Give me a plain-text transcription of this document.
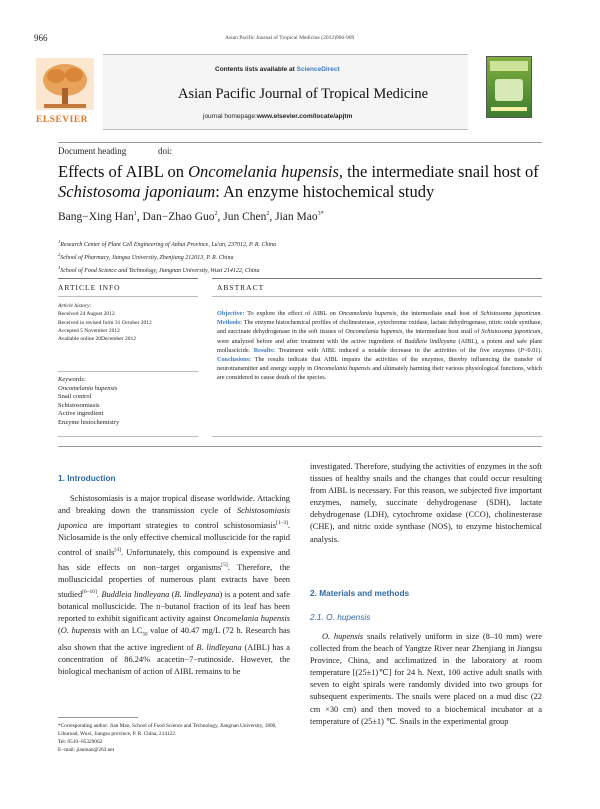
966	Asian Pacific Journal of Tropical Medicine (2012)966-969
Contents lists available at ScienceDirect
Asian Pacific Journal of Tropical Medicine
journal homepage:www.elsevier.com/locate/apjtm
ELSEVIER
Document heading	doi:
Effects of AIBL on Oncomelania hupensis, the intermediate snail host of Schistosoma japoniaum: An enzyme histochemical study
Bang−Xing Han$^1$, Dan−Zhao Guo$^2$, Jun Chen$^2$, Jian Mao$^{3*}$
$^1$Research Center of Plant Cell Engineering of Anhui Province, Lu'an, 237012, P. R. China
$^2$School of Pharmacy, Jiangsu University, Zhenjiang 212013, P. R. China
$^3$School of Food Science and Technology, Jiangnan University, Wuxi 214122, China
ARTICLE INFO	ABSTRACT
Article history:
Received 24 August 2012
Received in revised form 31 October 2012
Accepted 5 November 2012
Available online 20December 2012
Keywords:
Oncomelania hupensis
Snail control
Schistosomiasis
Active ingredient
Enzyme histochemistry
Objective: To explore the effect of AIBL on Oncomelania hupensis, the intermediate snail host of Schistosoma japonicum. Methods: The enzyme histochemical profiles of cholinesterase, cytochrome oxidase, lactate dehydrogenase, nitric oxide synthase, and succinate dehydrogenase in the soft tissues of Oncomelania hupensis, the intermediate host snail of Schistosoma japonicum, were analyzed before and after treatment with the active ingredient of Buddleia lindleyana (AIBL), a potent and safe plant molluscicide. Results: Treatment with AIBL induced a notable decrease in the activities of the five enzymes (P<0.01). Conclusions: The results indicate that AIBL impairs the activities of the enzymes, thereby influencing the transfer of neurotransmitter and energy supply in Oncomelania hupensis and ultimately harming their various physiological functions, which are considered to cause death of the species.
1. Introduction
Schistosomiasis is a major tropical disease worldwide. Attacking and breaking down the transmission cycle of Schistosomiasis japonica are important strategies to control schistosomiasis[1–3]. Niclosamide is the only effective chemical molluscicide for the rapid control of snails[4]. Unfortunately, this compound is expensive and has side effects on non−target organisms[5]. Therefore, the molluscicidal properties of numerous plant extracts have been studied[6–10]. Buddleia lindleyana (B. lindleyana) is a potent and safe botanical molluscicide. The n−butanol fraction of its leaf has been reported to exhibit significant activity against Oncomelania hupensis (O. hupensis with an $LC_{50}$ value of 40.47 mg/L (72 h. Research has also shown that the active ingredient of B. lindleyana (AIBL) has a concentration of 86.24% acacetin−7−rutinoside. However, the biological mechanism of action of AIBL remains to be
*Corresponding author: Jian Mao, School of Food Science and Technology, Jiangnan University, 1800, Lihuroad, Wuxi, Jiangsu province, P. R. China, 214122.
Tel: 0510−85329062
E−mail: jianmao@263.net
investigated. Therefore, studying the activities of enzymes in the soft tissues of healthy snails and the changes that could occur resulting from AIBL is necessary. For this reason, we subjected five important enzymes, namely, succinate dehydrogenase (SDH), lactate dehydrogenase (LDH), cytochrome oxidase (CCO), cholinesterase (CHE), and nitric oxide synthase (NOS), to enzyme histochemical analysis.
2. Materials and methods
2.1. O. hupensis
O. hupensis snails relatively uniform in size (8–10 mm) were collected from the beach of Yangtze River near Zhenjiang in Jiangsu Province, China, and acclimatized in the laboratory at room temperature [(25±1)℃] for 24 h. Next, 100 active adult snails with seven to eight spirals were randomly divided into two groups for subsequent experiments. The snails were placed on a mud disc (22 cm ×30 cm) and then moved to a biochemical incubator at a temperature of (25±1) ℃. Snails in the experimental group
